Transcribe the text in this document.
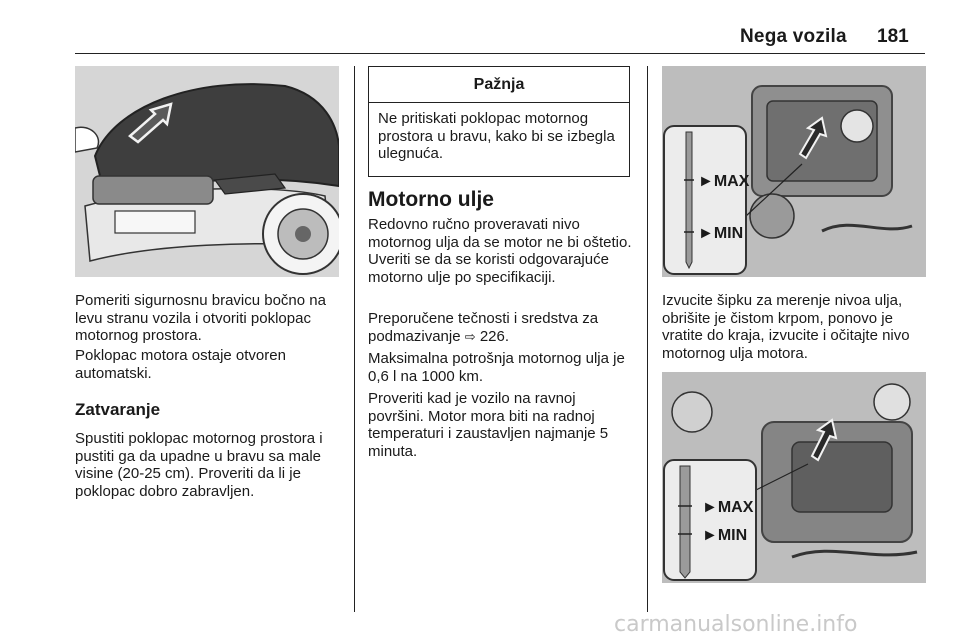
Nega vozila 181

Pomeriti sigurnosnu bravicu bočno na levu stranu vozila i otvoriti poklopac motornog prostora.

Poklopac motora ostaje otvoren automatski.

Zatvaranje

Spustiti poklopac motornog prostora i pustiti ga da upadne u bravu sa male visine (20-25 cm). Proveriti da li je poklopac dobro zabravljen.

Pažnja
Ne pritiskati poklopac motornog prostora u bravu, kako bi se izbegla ulegnuća.
Motorno ulje

Redovno ručno proveravati nivo motornog ulja da se motor ne bi oštetio. Uveriti se da se koristi odgovarajuće motorno ulje po specifikaciji.

Preporučene tečnosti i sredstva za podmazivanje ⇨ 226.

Maksimalna potrošnja motornog ulja je 0,6 l na 1000 km.

Proveriti kad je vozilo na ravnoj površini. Motor mora biti na radnoj temperaturi i zaustavljen najmanje 5 minuta.

►MAX
►MIN

Izvucite šipku za merenje nivoa ulja, obrišite je čistom krpom, ponovo je vratite do kraja, izvucite i očitajte nivo motornog ulja motora.

►MAX
►MIN
carmanualsonline.info
